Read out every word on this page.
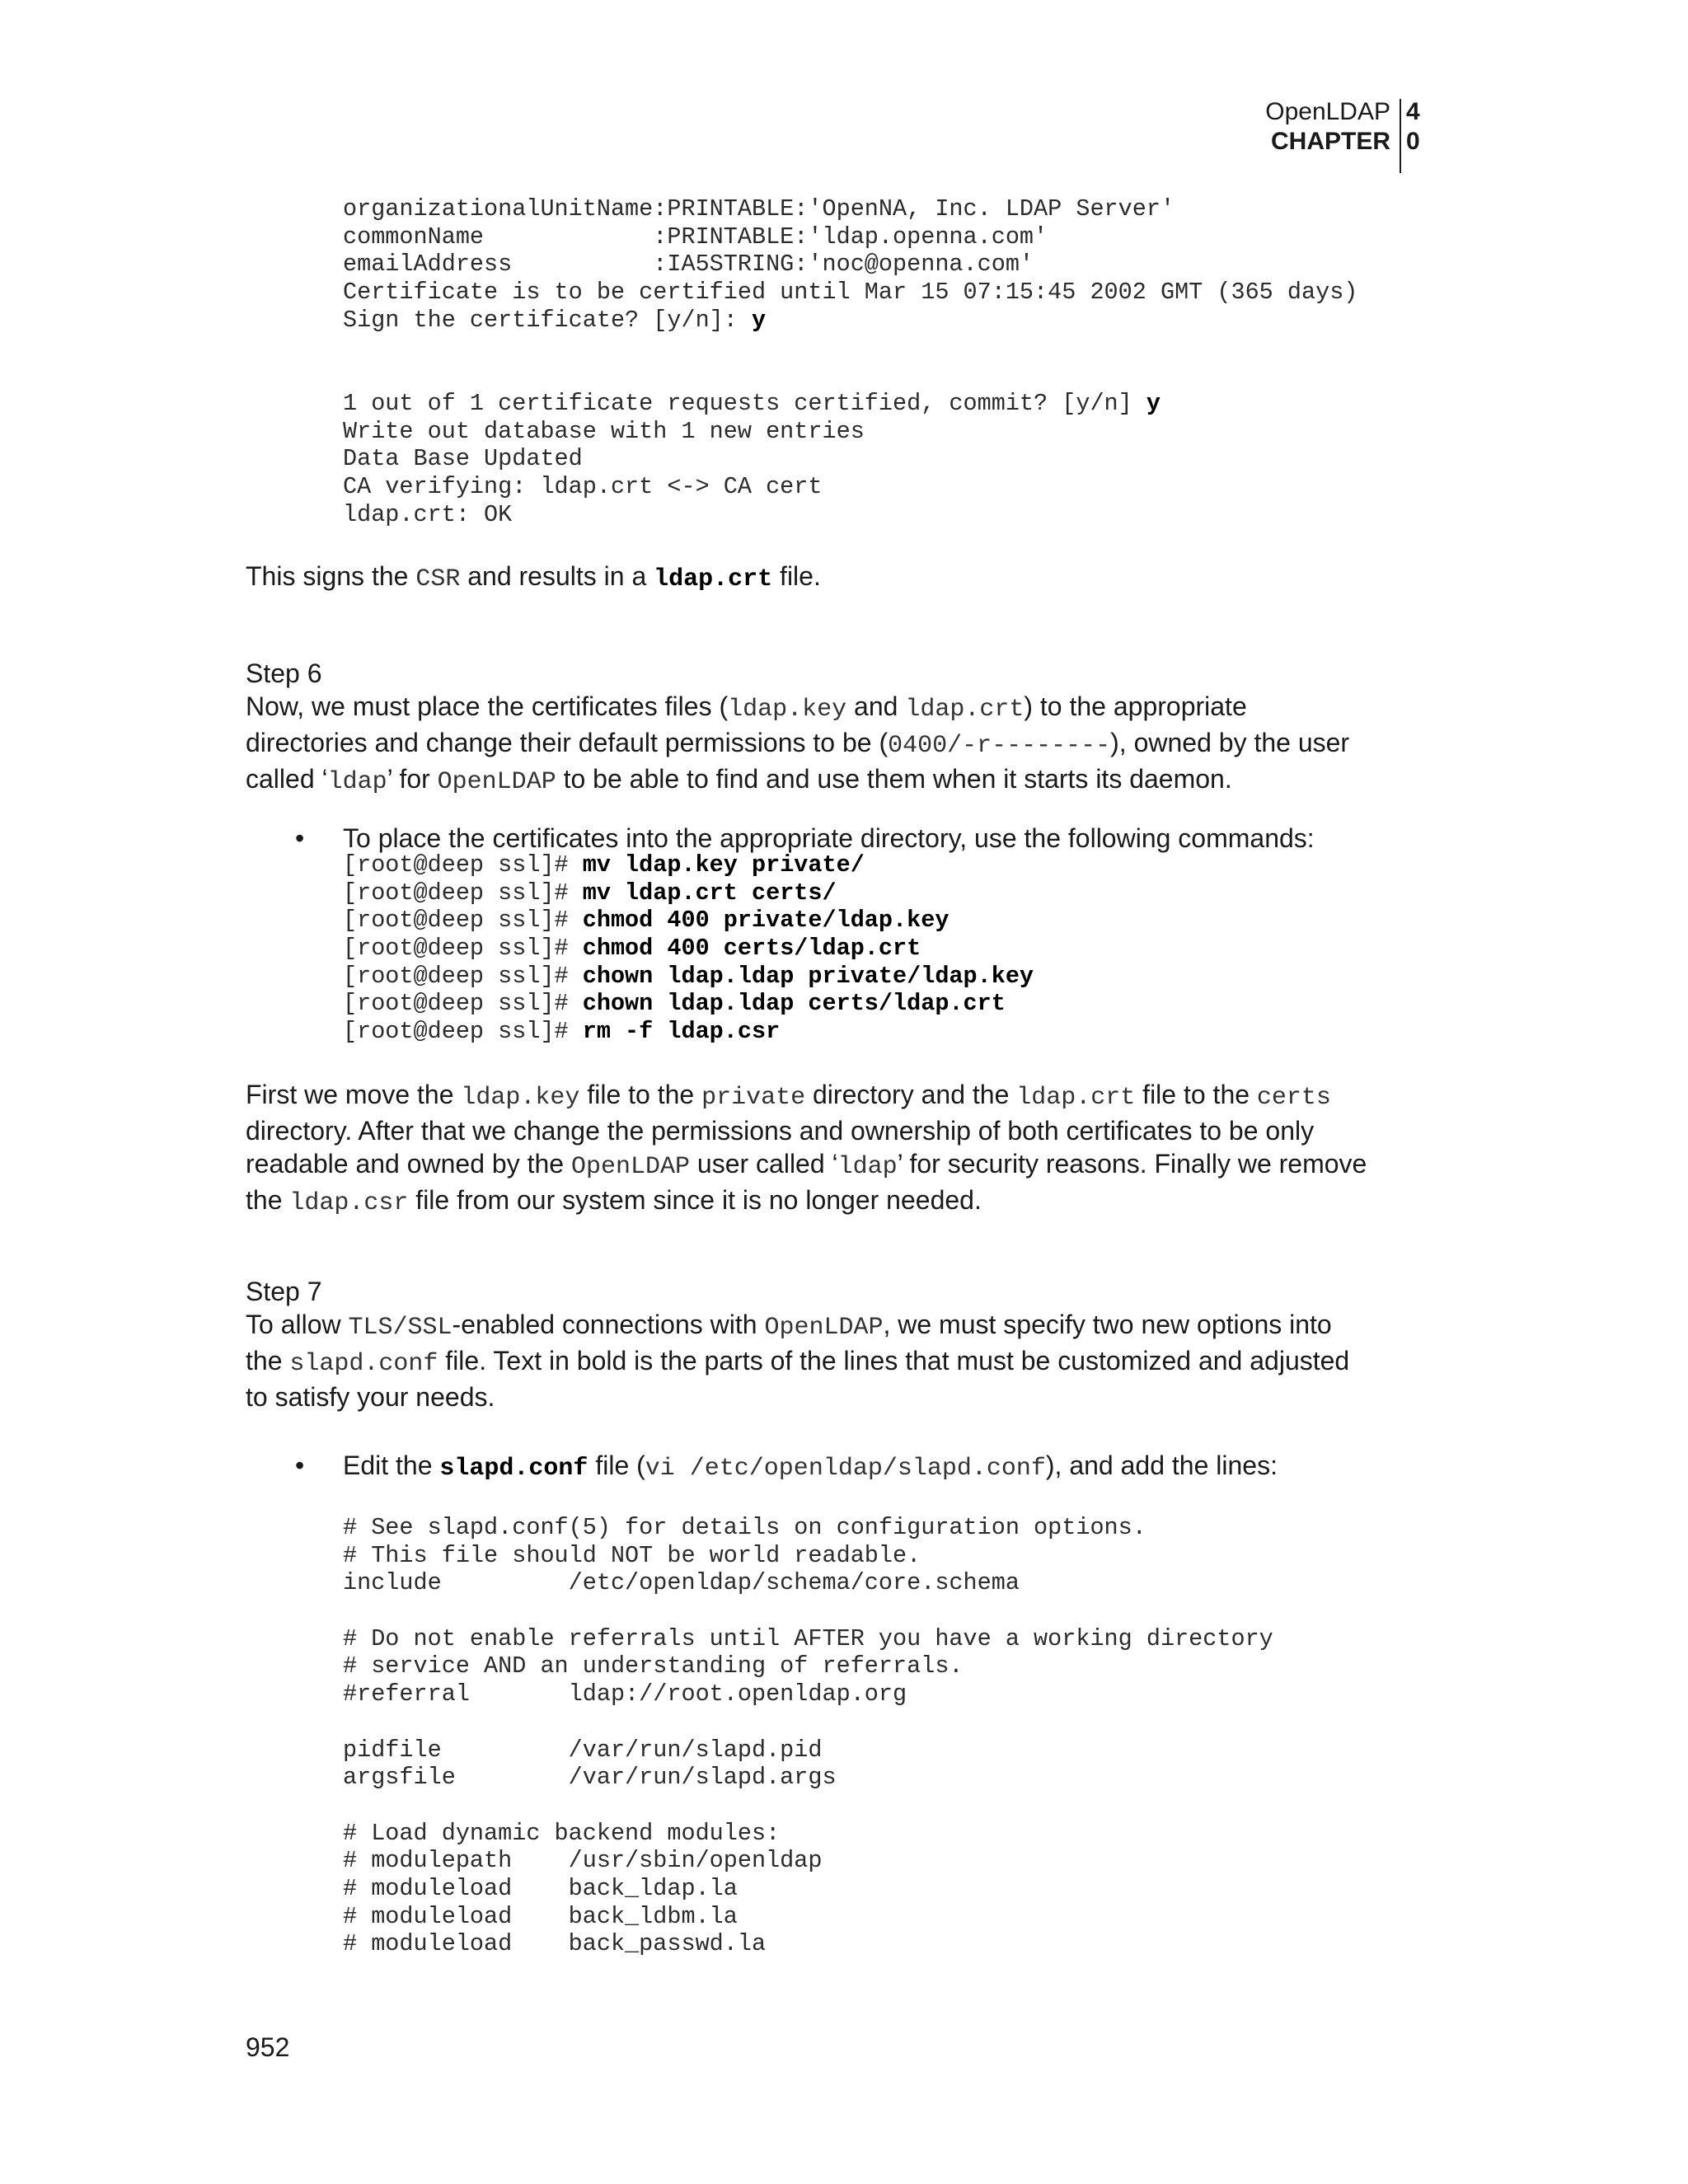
OpenLDAP
CHAPTER
4
0
organizationalUnitName:PRINTABLE:'OpenNA, Inc. LDAP Server'
commonName            :PRINTABLE:'ldap.openna.com'
emailAddress          :IA5STRING:'noc@openna.com'
Certificate is to be certified until Mar 15 07:15:45 2002 GMT (365 days)
Sign the certificate? [y/n]: y
1 out of 1 certificate requests certified, commit? [y/n] y
Write out database with 1 new entries
Data Base Updated
CA verifying: ldap.crt <-> CA cert
ldap.crt: OK
This signs the CSR and results in a ldap.crt file.
Step 6
Now, we must place the certificates files (ldap.key and ldap.crt) to the appropriate
directories and change their default permissions to be (0400/-r--------), owned by the user
called ‘ldap’ for OpenLDAP to be able to find and use them when it starts its daemon.
• To place the certificates into the appropriate directory, use the following commands:
[root@deep ssl]# mv ldap.key private/
[root@deep ssl]# mv ldap.crt certs/
[root@deep ssl]# chmod 400 private/ldap.key
[root@deep ssl]# chmod 400 certs/ldap.crt
[root@deep ssl]# chown ldap.ldap private/ldap.key
[root@deep ssl]# chown ldap.ldap certs/ldap.crt
[root@deep ssl]# rm -f ldap.csr
First we move the ldap.key file to the private directory and the ldap.crt file to the certs
directory. After that we change the permissions and ownership of both certificates to be only
readable and owned by the OpenLDAP user called ‘ldap’ for security reasons. Finally we remove
the ldap.csr file from our system since it is no longer needed.
Step 7
To allow TLS/SSL-enabled connections with OpenLDAP, we must specify two new options into
the slapd.conf file. Text in bold is the parts of the lines that must be customized and adjusted
to satisfy your needs.
• Edit the slapd.conf file (vi /etc/openldap/slapd.conf), and add the lines:
# See slapd.conf(5) for details on configuration options.
# This file should NOT be world readable.
include         /etc/openldap/schema/core.schema
# Do not enable referrals until AFTER you have a working directory
# service AND an understanding of referrals.
#referral       ldap://root.openldap.org
pidfile         /var/run/slapd.pid
argsfile        /var/run/slapd.args
# Load dynamic backend modules:
# modulepath    /usr/sbin/openldap
# moduleload    back_ldap.la
# moduleload    back_ldbm.la
# moduleload    back_passwd.la
952
